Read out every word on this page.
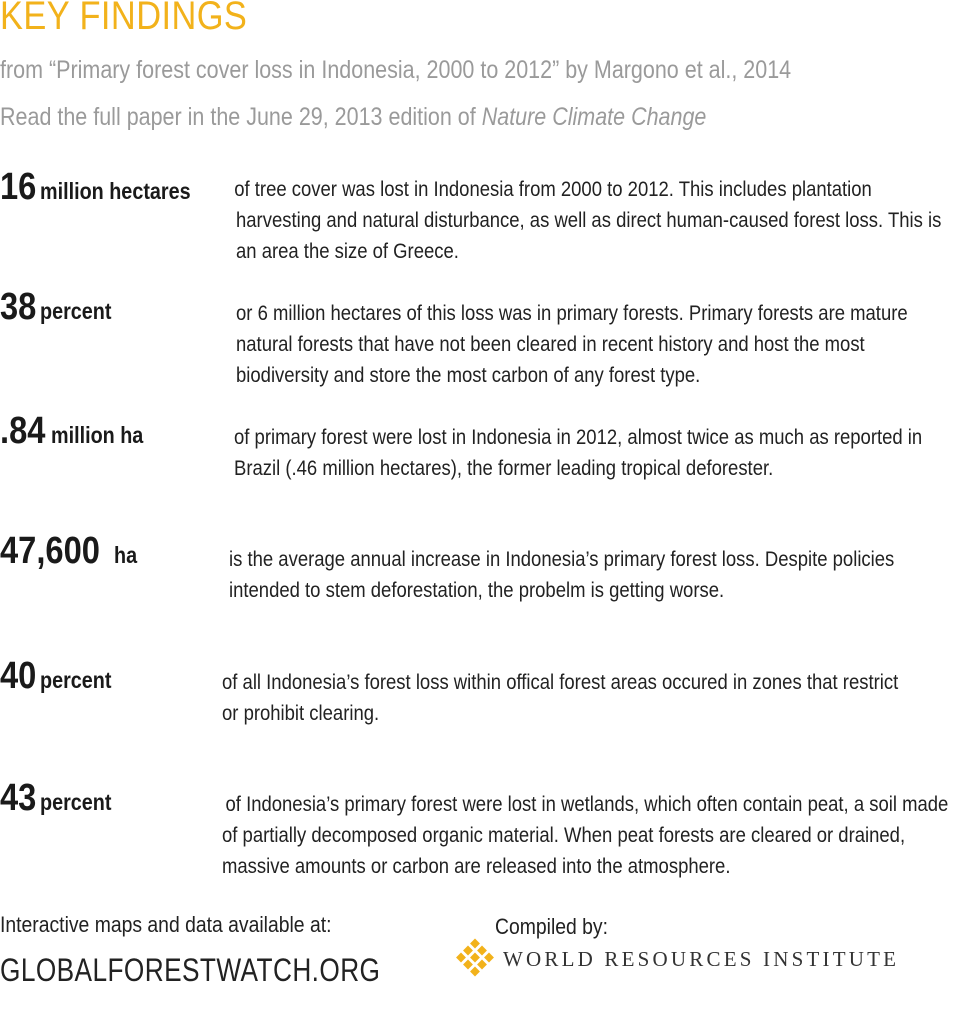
KEY FINDINGS

from “Primary forest cover loss in Indonesia, 2000 to 2012” by Margono et al., 2014

Read the full paper in the June 29, 2013 edition of Nature Climate Change

16 million hectares	of tree cover was lost in Indonesia from 2000 to 2012. This includes plantation harvesting and natural disturbance, as well as direct human-caused forest loss. This is an area the size of Greece.

38 percent	or 6 million hectares of this loss was in primary forests. Primary forests are mature natural forests that have not been cleared in recent history and host the most biodiversity and store the most carbon of any forest type.

.84 million ha	of primary forest were lost in Indonesia in 2012, almost twice as much as reported in Brazil (.46 million hectares), the former leading tropical deforester.

47,600 ha	is the average annual increase in Indonesia’s primary forest loss. Despite policies intended to stem deforestation, the probelm is getting worse.

40 percent	of all Indonesia’s forest loss within offical forest areas occured in zones that restrict or prohibit clearing.

43 percent	of Indonesia’s primary forest were lost in wetlands, which often contain peat, a soil made of partially decomposed organic material. When peat forests are cleared or drained, massive amounts or carbon are released into the atmosphere.

Interactive maps and data available at:
GLOBALFORESTWATCH.ORG
Compiled by:
WORLD RESOURCES INSTITUTE
